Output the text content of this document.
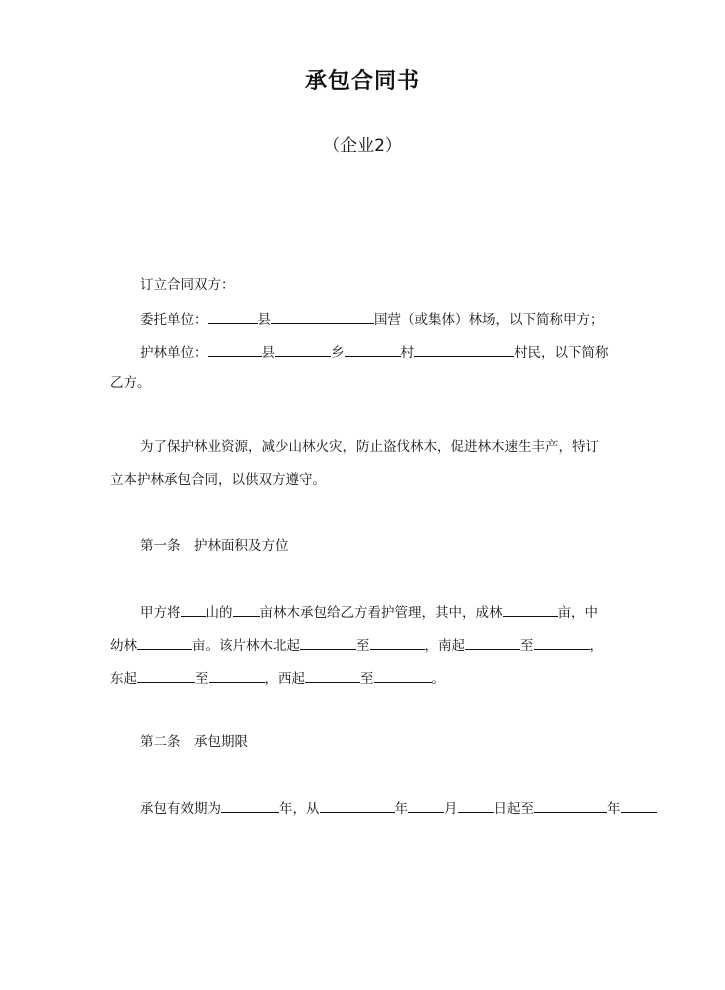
承包合同书
（企业2）
订立合同双方：
委托单位：	县	国营（或集体）林场，以下简称甲方；
护林单位：	县	乡	村	村民，以下简称
乙方。
为了保护林业资源，减少山林火灾，防止盗伐林木，促进林木速生丰产，特订
立本护林承包合同，以供双方遵守。
第一条　护林面积及方位
甲方将 山的 亩林木承包给乙方看护管理，其中，成林	亩，中
幼林	亩。该片林木北起	至	，南起	至	，
东起	至	，西起	至	。
第二条　承包期限
承包有效期为	年，从	年	月	日起至	年
